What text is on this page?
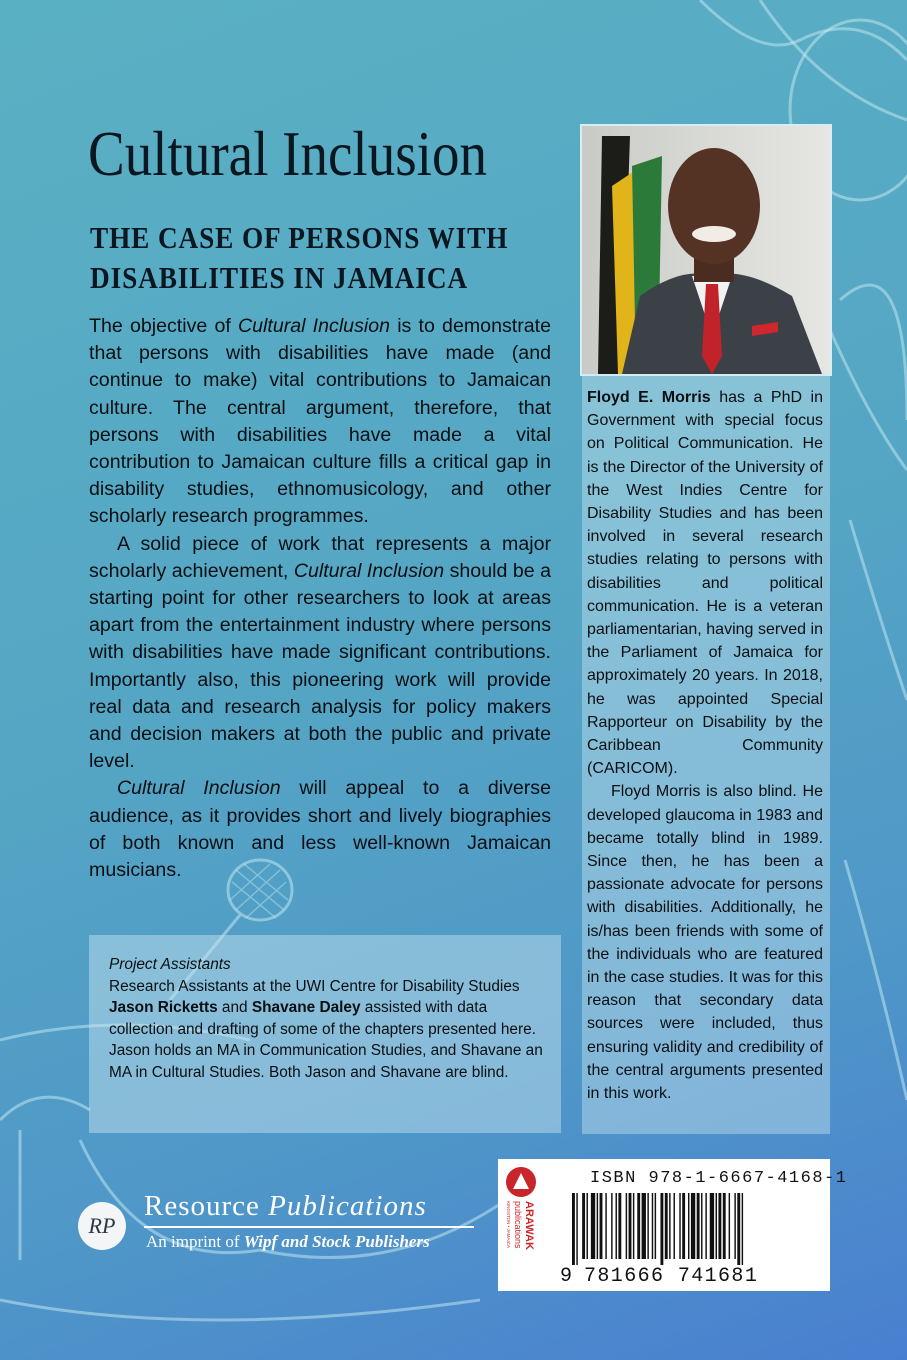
Cultural Inclusion
THE CASE OF PERSONS WITH DISABILITIES IN JAMAICA

The objective of Cultural Inclusion is to demonstrate that persons with disabilities have made (and continue to make) vital contributions to Jamaican culture. The central argument, therefore, that persons with disabilities have made a vital contribution to Jamaican culture fills a critical gap in disability studies, ethnomusicology, and other scholarly research programmes.

A solid piece of work that represents a major scholarly achievement, Cultural Inclusion should be a starting point for other researchers to look at areas apart from the entertainment industry where persons with disabilities have made significant contributions. Importantly also, this pioneering work will provide real data and research analysis for policy makers and decision makers at both the public and private level.

Cultural Inclusion will appeal to a diverse audience, as it provides short and lively biographies of both known and less well-known Jamaican musicians.

Floyd E. Morris has a PhD in Government with special focus on Political Communication. He is the Director of the University of the West Indies Centre for Disability Studies and has been involved in several research studies relating to persons with disabilities and political communication. He is a veteran parliamentarian, having served in the Parliament of Jamaica for approximately 20 years. In 2018, he was appointed Special Rapporteur on Disability by the Caribbean Community (CARICOM).

Floyd Morris is also blind. He developed glaucoma in 1983 and became totally blind in 1989. Since then, he has been a passionate advocate for persons with disabilities. Additionally, he is/has been friends with some of the individuals who are featured in the case studies. It was for this reason that secondary data sources were included, thus ensuring validity and credibility of the central arguments presented in this work.

Project Assistants
Research Assistants at the UWI Centre for Disability Studies Jason Ricketts and Shavane Daley assisted with data collection and drafting of some of the chapters presented here. Jason holds an MA in Communication Studies, and Shavane an MA in Cultural Studies. Both Jason and Shavane are blind.
RP
Resource Publications
An imprint of Wipf and Stock Publishers	ARAWAK
publications
KINGSTON • JAMAICA
ISBN 978-1-6667-4168-1
9 781666 741681
